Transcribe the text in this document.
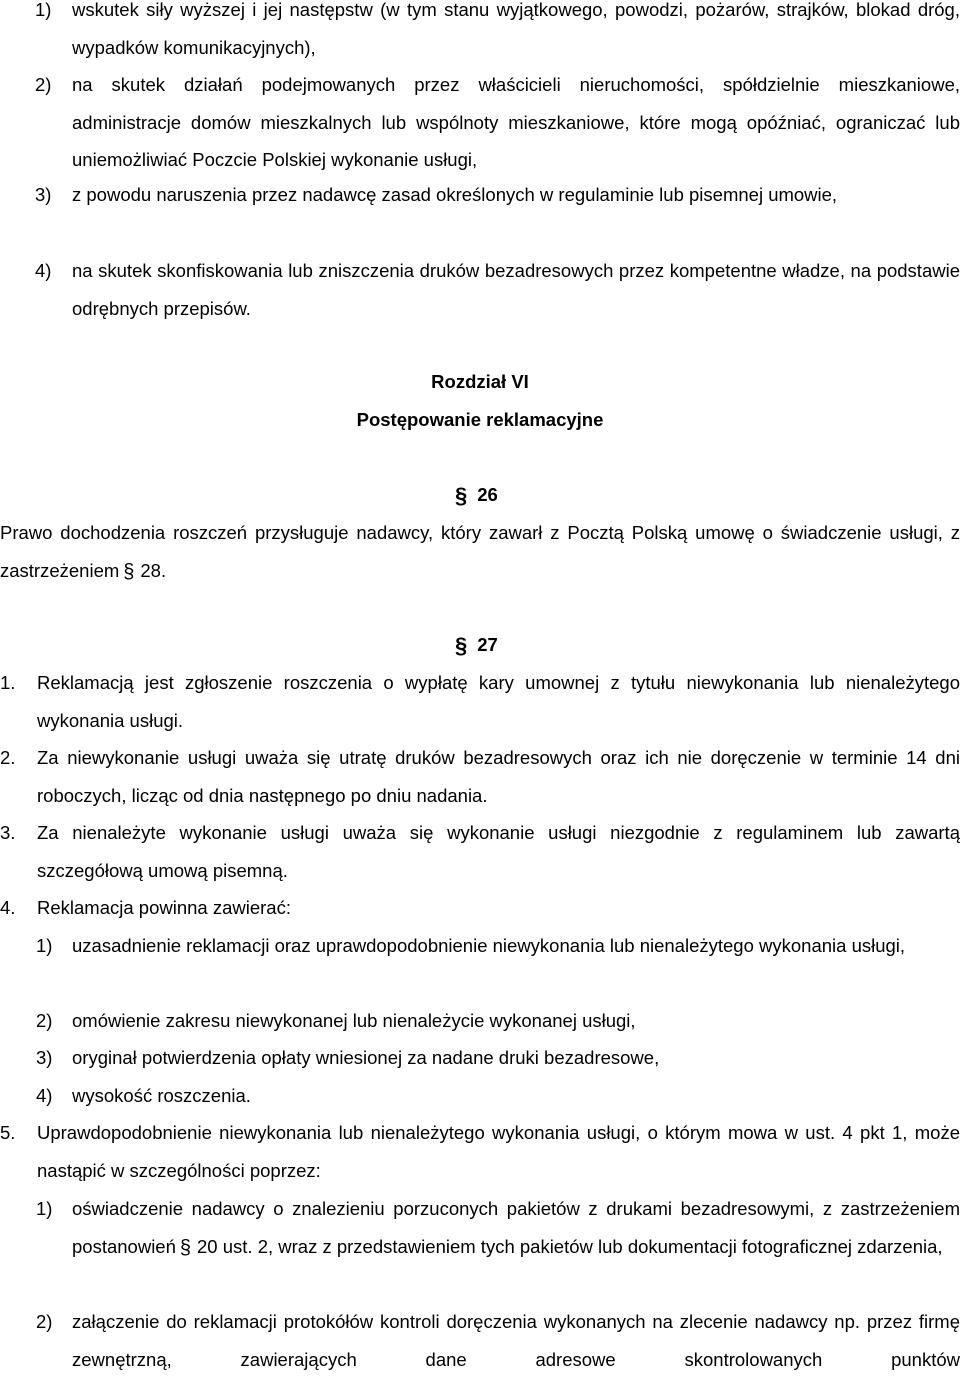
1) wskutek siły wyższej i jej następstw (w tym stanu wyjątkowego, powodzi, pożarów, strajków, blokad dróg, wypadków komunikacyjnych),
2) na skutek działań podejmowanych przez właścicieli nieruchomości, spółdzielnie mieszkaniowe, administracje domów mieszkalnych lub wspólnoty mieszkaniowe, które mogą opóźniać, ograniczać lub uniemożliwiać Poczcie Polskiej wykonanie usługi,
3) z powodu naruszenia przez nadawcę zasad określonych w regulaminie lub pisemnej umowie,
4) na skutek skonfiskowania lub zniszczenia druków bezadresowych przez kompetentne władze, na podstawie odrębnych przepisów.
Rozdział VI
Postępowanie reklamacyjne
§ 26
Prawo dochodzenia roszczeń przysługuje nadawcy, który zawarł z Pocztą Polską umowę o świadczenie usługi, z zastrzeżeniem § 28.
§ 27
1. Reklamacją jest zgłoszenie roszczenia o wypłatę kary umownej z tytułu niewykonania lub nienależytego wykonania usługi.
2. Za niewykonanie usługi uważa się utratę druków bezadresowych oraz ich nie doręczenie w terminie 14 dni roboczych, licząc od dnia następnego po dniu nadania.
3. Za nienależyte wykonanie usługi uważa się wykonanie usługi niezgodnie z regulaminem lub zawartą szczegółową umową pisemną.
4. Reklamacja powinna zawierać:
1) uzasadnienie reklamacji oraz uprawdopodobnienie niewykonania lub nienależytego wykonania usługi,
2) omówienie zakresu niewykonanej lub nienależycie wykonanej usługi,
3) oryginał potwierdzenia opłaty wniesionej za nadane druki bezadresowe,
4) wysokość roszczenia.
5. Uprawdopodobnienie niewykonania lub nienależytego wykonania usługi, o którym mowa w ust. 4 pkt 1, może nastąpić w szczególności poprzez:
1) oświadczenie nadawcy o znalezieniu porzuconych pakietów z drukami bezadresowymi, z zastrzeżeniem postanowień § 20 ust. 2, wraz z przedstawieniem tych pakietów lub dokumentacji fotograficznej zdarzenia,
2) załączenie do reklamacji protokółów kontroli doręczenia wykonanych na zlecenie nadawcy np. przez firmę zewnętrzną, zawierających dane adresowe skontrolowanych punktów
